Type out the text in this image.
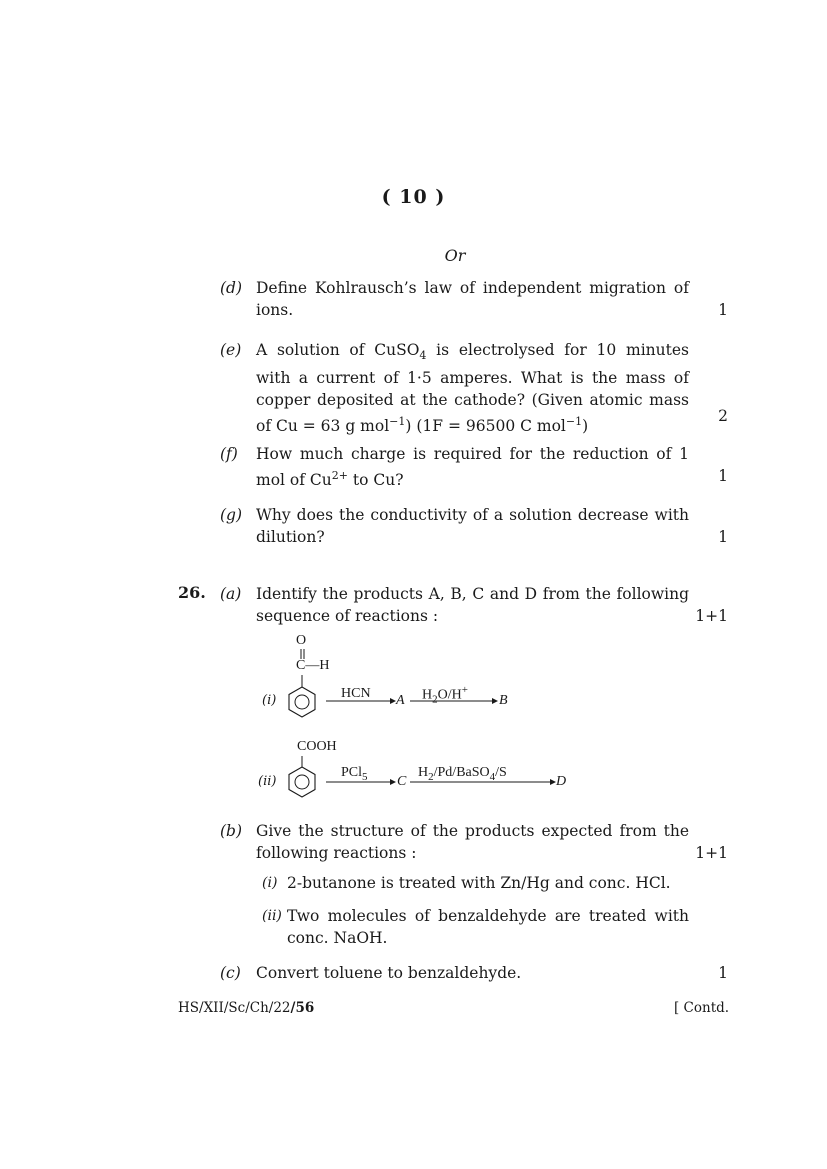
( 10 )
Or
(d) Define Kohlrausch’s law of independent migration of ions.	1
(e) A solution of CuSO$_4$ is electrolysed for 10 minutes with a current of 1·5 amperes. What is the mass of copper deposited at the cathode? (Given atomic mass of Cu = 63 g mol$^{-1}$) (1F = 96500 C mol$^{-1}$)
2
(f) How much charge is required for the reduction of 1 mol of $Cu^{2+}$ to Cu?	1
(g) Why does the conductivity of a solution decrease with dilution?	1
26. (a) Identify the products A, B, C and D from the following sequence of reactions :	1+1
(i)
O
C—H
HCN A $H_2O/H^+$
B
(ii)
COOH
PCl$_5$ C
$H_2/Pd/BaSO_4/S$
D
(b) Give the structure of the products expected from the following reactions :	1+1
(i) 2-butanone is treated with Zn/Hg and conc. HCl.
(ii) Two molecules of benzaldehyde are treated with conc. NaOH.
(c) Convert toluene to benzaldehyde.	1
HS/XII/Sc/Ch/22/56	[ Contd.
